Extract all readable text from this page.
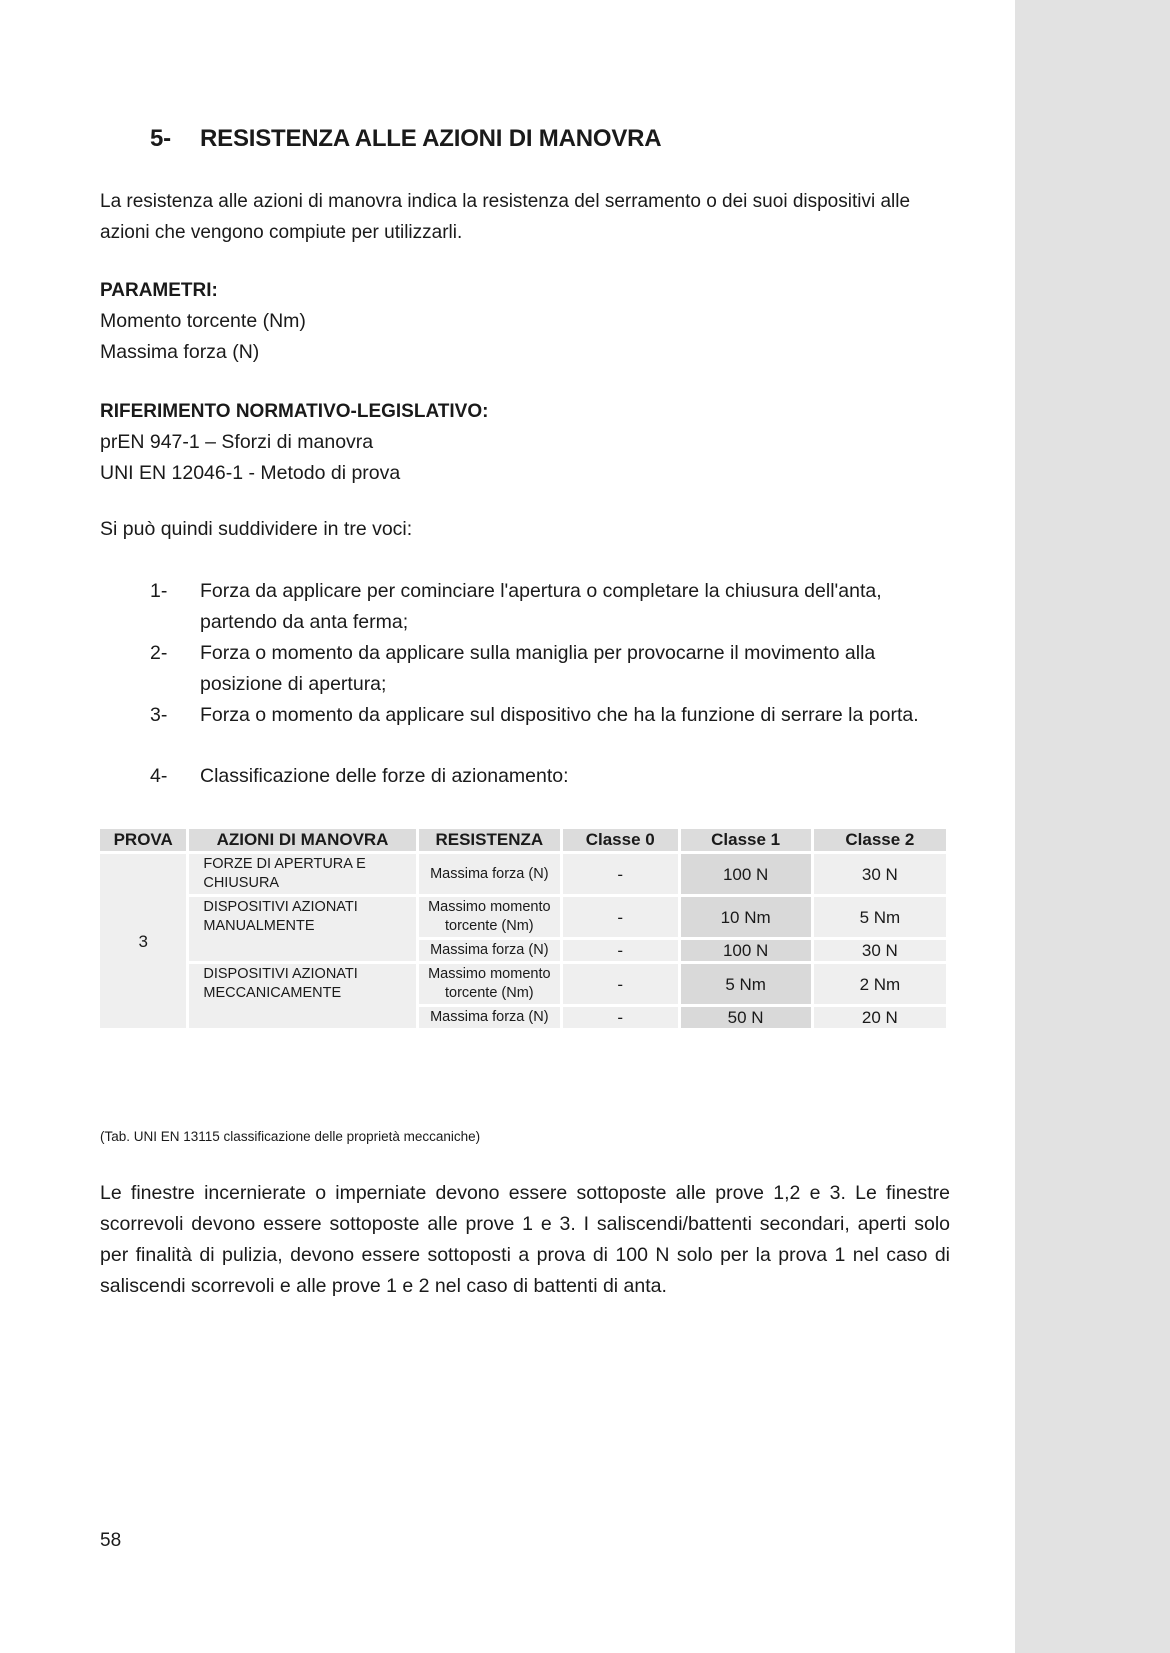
5- RESISTENZA ALLE AZIONI DI MANOVRA
La resistenza alle azioni di manovra indica la resistenza del serramento o dei suoi dispositivi alle azioni che vengono compiute per utilizzarli.
PARAMETRI:
Momento torcente (Nm)
Massima forza (N)
RIFERIMENTO NORMATIVO-LEGISLATIVO:
prEN 947-1 – Sforzi di manovra
UNI EN 12046-1 - Metodo di prova
Si può quindi suddividere in tre voci:
1-	Forza da applicare per cominciare l'apertura o completare la chiusura dell'anta, partendo da anta ferma;
2-	Forza o momento da applicare sulla maniglia per provocarne il movimento alla posizione di apertura;
3-	Forza o momento da applicare sul dispositivo che ha la funzione di serrare la porta.
4-	Classificazione delle forze di azionamento:
PROVA	AZIONI DI MANOVRA	RESISTENZA	Classe 0	Classe 1	Classe 2
3	FORZE DI APERTURA E CHIUSURA	Massima forza (N)	-	100 N	30 N
	DISPOSITIVI AZIONATI MANUALMENTE	Massimo momento torcente (Nm)	-	10 Nm	5 Nm
		Massima forza (N)	-	100 N	30 N
	DISPOSITIVI AZIONATI MECCANICAMENTE	Massimo momento torcente (Nm)	-	5 Nm	2 Nm
		Massima forza (N)	-	50 N	20 N
(Tab. UNI EN 13115 classificazione delle proprietà meccaniche)
Le finestre incernierate o imperniate devono essere sottoposte alle prove 1,2 e 3. Le finestre scorrevoli devono essere sottoposte alle prove 1 e 3. I saliscendi/battenti secondari, aperti solo per finalità di pulizia, devono essere sottoposti a prova di 100 N solo per la prova 1 nel caso di saliscendi scorrevoli e alle prove 1 e 2 nel caso di battenti di anta.
58
